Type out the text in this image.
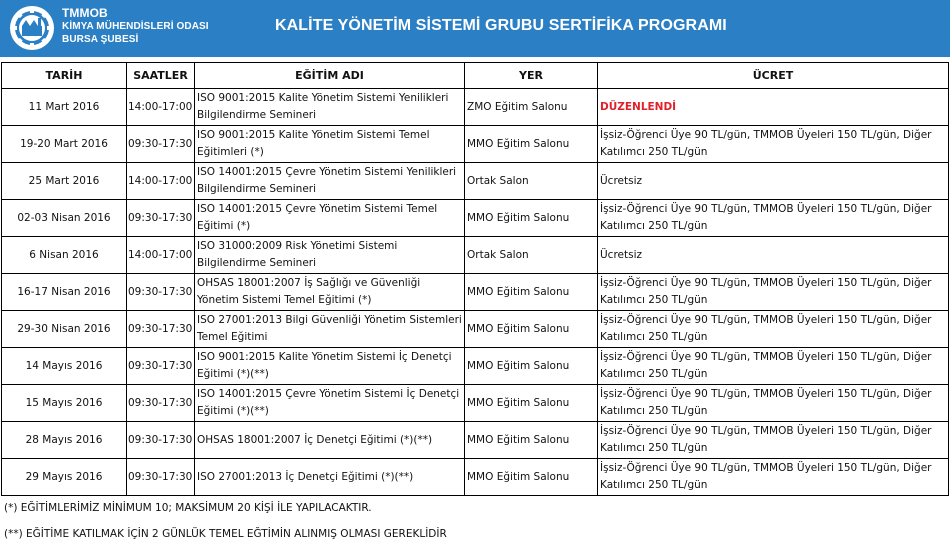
TMMOB
KİMYA MÜHENDİSLERİ ODASI
BURSA ŞUBESİ
KALİTE YÖNETİM SİSTEMİ GRUBU SERTİFİKA PROGRAMI
TARİH	SAATLER	EĞİTİM ADI	YER	ÜCRET
11 Mart 2016	14:00-17:00	ISO 9001:2015 Kalite Yönetim Sistemi Yenilikleri Bilgilendirme Semineri	ZMO Eğitim Salonu	DÜZENLENDİ
19-20 Mart 2016	09:30-17:30	ISO 9001:2015 Kalite Yönetim Sistemi Temel Eğitimleri (*)	MMO Eğitim Salonu	İşsiz-Öğrenci Üye 90 TL/gün, TMMOB Üyeleri 150 TL/gün, Diğer Katılımcı 250 TL/gün
25 Mart 2016	14:00-17:00	ISO 14001:2015 Çevre Yönetim Sistemi Yenilikleri Bilgilendirme Semineri	Ortak Salon	Ücretsiz
02-03 Nisan 2016	09:30-17:30	ISO 14001:2015 Çevre Yönetim Sistemi Temel Eğitimi (*)	MMO Eğitim Salonu	İşsiz-Öğrenci Üye 90 TL/gün, TMMOB Üyeleri 150 TL/gün, Diğer Katılımcı 250 TL/gün
6 Nisan 2016	14:00-17:00	ISO 31000:2009 Risk Yönetimi Sistemi Bilgilendirme Semineri	Ortak Salon	Ücretsiz
16-17 Nisan 2016	09:30-17:30	OHSAS 18001:2007 İş Sağlığı ve Güvenliği Yönetim Sistemi Temel Eğitimi (*)	MMO Eğitim Salonu	İşsiz-Öğrenci Üye 90 TL/gün, TMMOB Üyeleri 150 TL/gün, Diğer Katılımcı 250 TL/gün
29-30 Nisan 2016	09:30-17:30	ISO 27001:2013 Bilgi Güvenliği Yönetim Sistemleri Temel Eğitimi	MMO Eğitim Salonu	İşsiz-Öğrenci Üye 90 TL/gün, TMMOB Üyeleri 150 TL/gün, Diğer Katılımcı 250 TL/gün
14 Mayıs 2016	09:30-17:30	ISO 9001:2015 Kalite Yönetim Sistemi İç Denetçi Eğitimi (*)(**)	MMO Eğitim Salonu	İşsiz-Öğrenci Üye 90 TL/gün, TMMOB Üyeleri 150 TL/gün, Diğer Katılımcı 250 TL/gün
15 Mayıs 2016	09:30-17:30	ISO 14001:2015 Çevre Yönetim Sistemi İç Denetçi Eğitimi (*)(**)	MMO Eğitim Salonu	İşsiz-Öğrenci Üye 90 TL/gün, TMMOB Üyeleri 150 TL/gün, Diğer Katılımcı 250 TL/gün
28 Mayıs 2016	09:30-17:30	OHSAS 18001:2007 İç Denetçi Eğitimi (*)(**)	MMO Eğitim Salonu	İşsiz-Öğrenci Üye 90 TL/gün, TMMOB Üyeleri 150 TL/gün, Diğer Katılımcı 250 TL/gün
29 Mayıs 2016	09:30-17:30	ISO 27001:2013 İç Denetçi Eğitimi (*)(**)	MMO Eğitim Salonu	İşsiz-Öğrenci Üye 90 TL/gün, TMMOB Üyeleri 150 TL/gün, Diğer Katılımcı 250 TL/gün
(*) EĞİTİMLERİMİZ MİNİMUM 10; MAKSİMUM 20 KİŞİ İLE YAPILACAKTIR.
(**) EĞİTİME KATILMAK İÇİN 2 GÜNLÜK TEMEL EĞTİMİN ALINMIŞ OLMASI GEREKLİDİR
